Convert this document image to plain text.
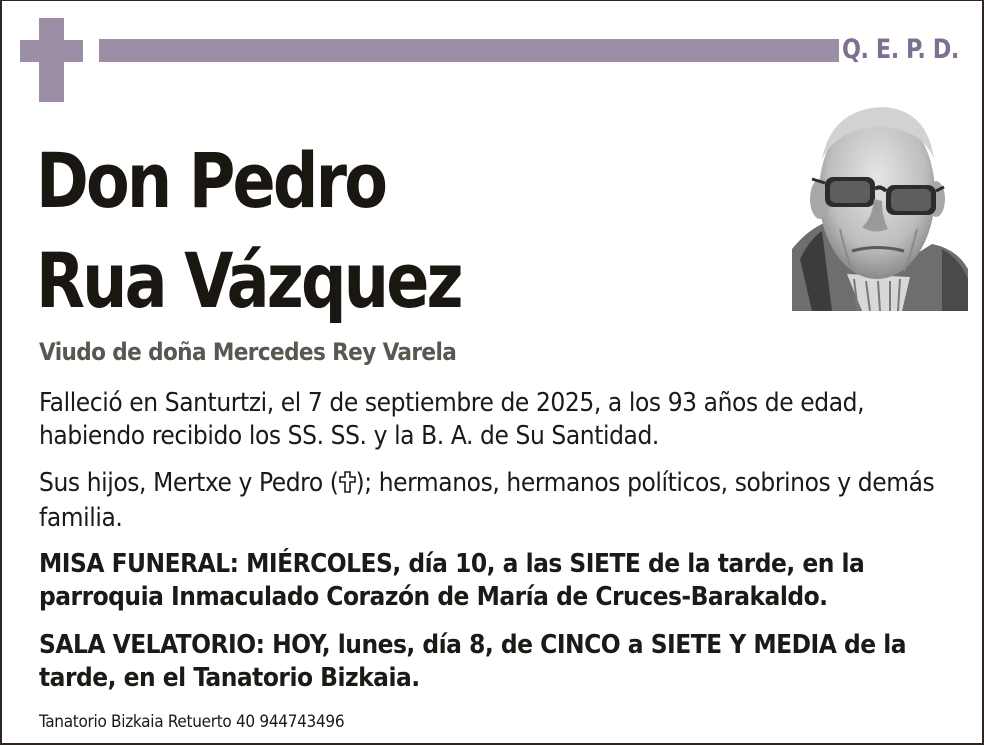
Q. E. P. D.
Don Pedro
Rua Vázquez
Viudo de doña Mercedes Rey Varela
Falleció en Santurtzi, el 7 de septiembre de 2025, a los 93 años de edad, habiendo recibido los SS. SS. y la B. A. de Su Santidad.
Sus hijos, Mertxe y Pedro ( ); hermanos, hermanos políticos, sobrinos y demás familia.
MISA FUNERAL: MIÉRCOLES, día 10, a las SIETE de la tarde, en la parroquia Inmaculado Corazón de María de Cruces-Barakaldo.
SALA VELATORIO: HOY, lunes, día 8, de CINCO a SIETE Y MEDIA de la tarde, en el Tanatorio Bizkaia.
Tanatorio Bizkaia Retuerto 40 944743496
